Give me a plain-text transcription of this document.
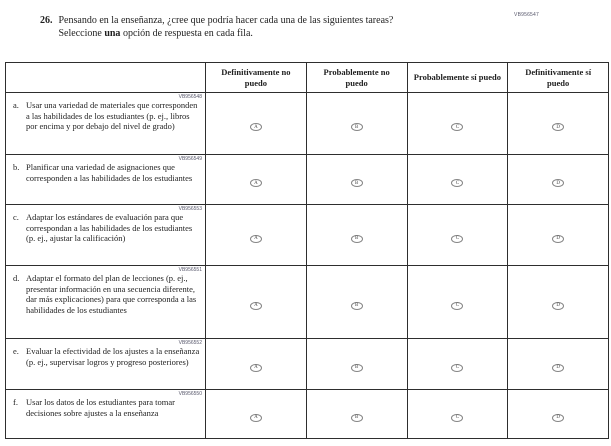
VB956547
26. Pensando en la enseñanza, ¿cree que podría hacer cada una de las siguientes tareas?
Seleccione una opción de respuesta en cada fila.
	Definitivamente no puedo	Probablemente no puedo	Probablemente sí puedo	Definitivamente sí puedo

VB956548
a. Usar una variedad de materiales que corresponden a las habilidades de los estudiantes (p. ej., libros por encima y por debajo del nivel de grado)	A	B	C	D

VB956549
b. Planificar una variedad de asignaciones que corresponden a las habilidades de los estudiantes	A	B	C	D

VB956553
c. Adaptar los estándares de evaluación para que correspondan a las habilidades de los estudiantes (p. ej., ajustar la calificación)	A	B	C	D

VB956551
d. Adaptar el formato del plan de lecciones (p. ej., presentar información en una secuencia diferente, dar más explicaciones) para que corresponda a las habilidades de los estudiantes	A	B	C	D

VB956552
e. Evaluar la efectividad de los ajustes a la enseñanza (p. ej., supervisar logros y progreso posteriores)	A	B	C	D

VB956550
f. Usar los datos de los estudiantes para tomar decisiones sobre ajustes a la enseñanza	A	B	C	D
